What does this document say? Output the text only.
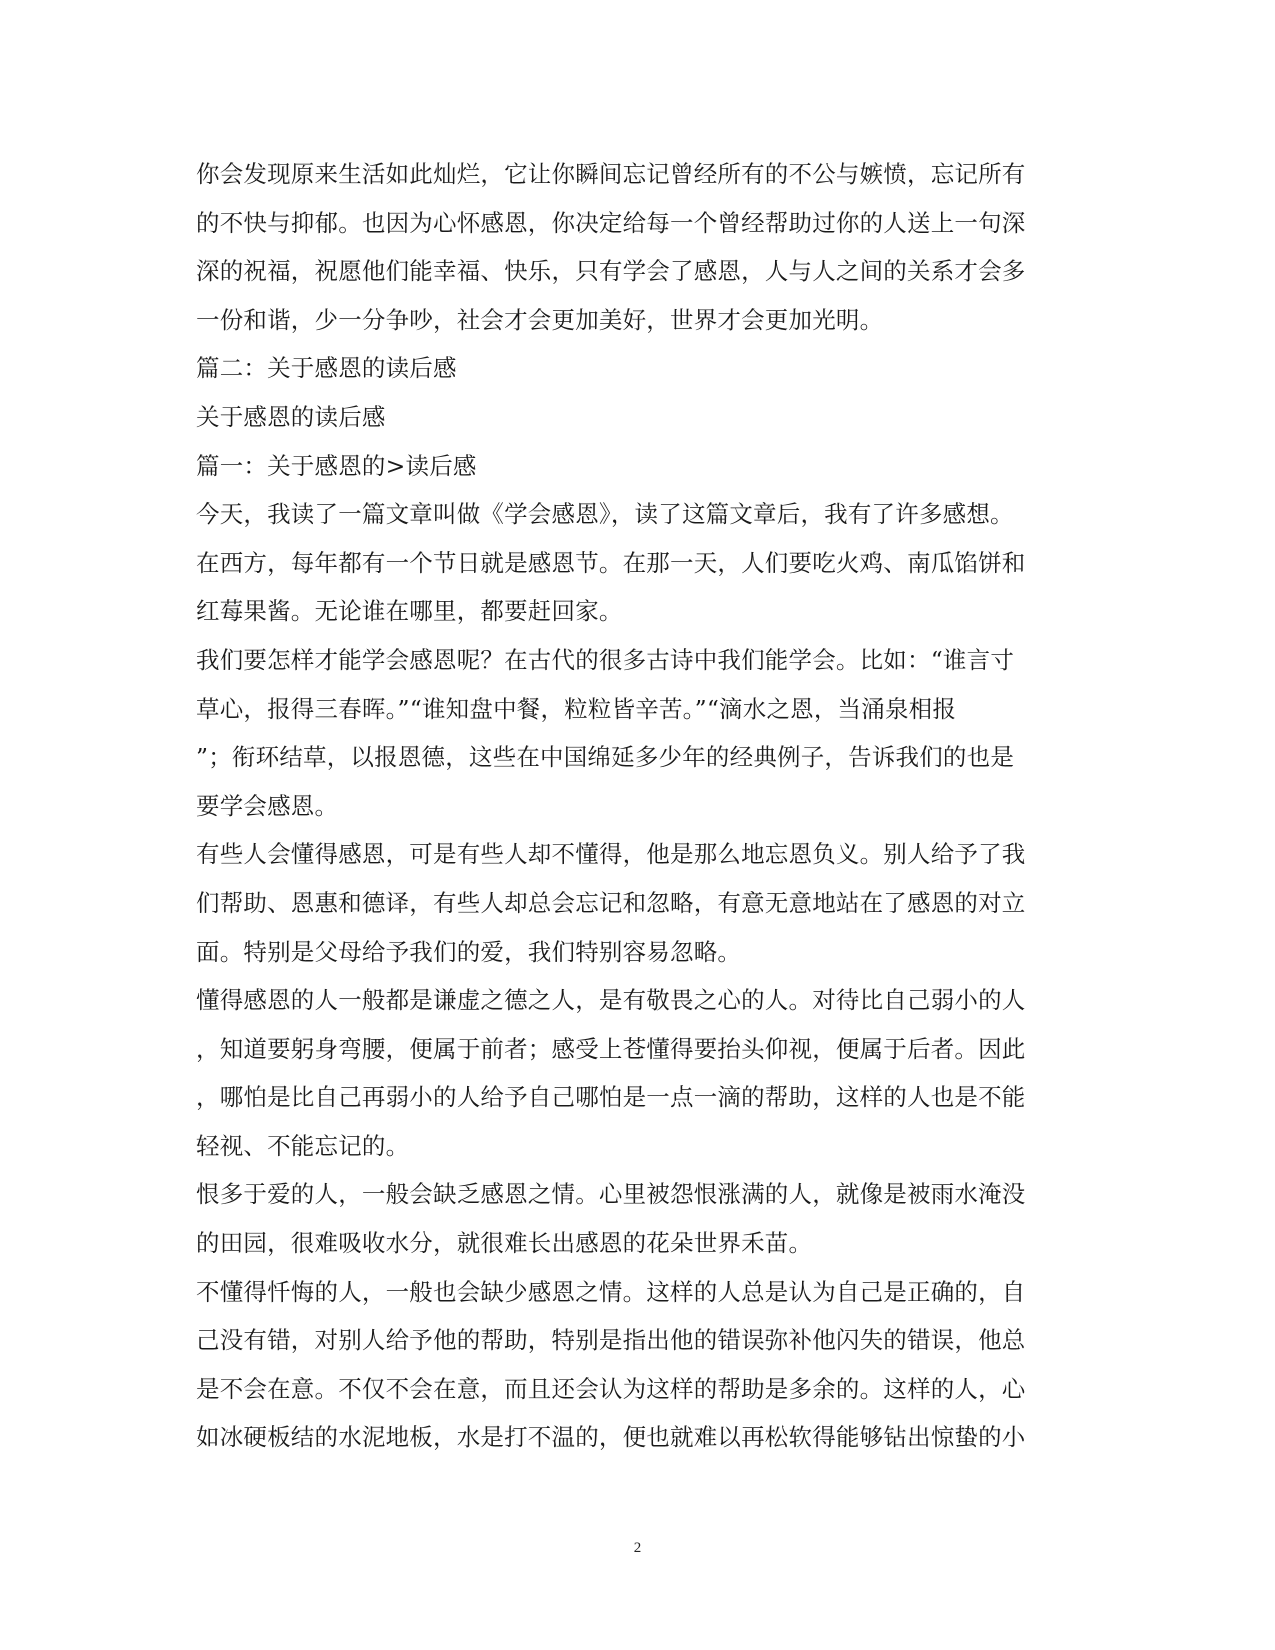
你会发现原来生活如此灿烂，它让你瞬间忘记曾经所有的不公与嫉愤，忘记所有
的不快与抑郁。也因为心怀感恩，你决定给每一个曾经帮助过你的人送上一句深
深的祝福，祝愿他们能幸福、快乐，只有学会了感恩，人与人之间的关系才会多
一份和谐，少一分争吵，社会才会更加美好，世界才会更加光明。
篇二：关于感恩的读后感
关于感恩的读后感
篇一：关于感恩的>读后感
今天，我读了一篇文章叫做《学会感恩》，读了这篇文章后，我有了许多感想。
在西方，每年都有一个节日就是感恩节。在那一天，人们要吃火鸡、南瓜馅饼和
红莓果酱。无论谁在哪里，都要赶回家。
我们要怎样才能学会感恩呢？在古代的很多古诗中我们能学会。比如：“谁言寸
草心，报得三春晖。”“谁知盘中餐，粒粒皆辛苦。”“滴水之恩，当涌泉相报
”；衔环结草，以报恩德，这些在中国绵延多少年的经典例子，告诉我们的也是
要学会感恩。
有些人会懂得感恩，可是有些人却不懂得，他是那么地忘恩负义。别人给予了我
们帮助、恩惠和德译，有些人却总会忘记和忽略，有意无意地站在了感恩的对立
面。特别是父母给予我们的爱，我们特别容易忽略。
懂得感恩的人一般都是谦虚之德之人，是有敬畏之心的人。对待比自己弱小的人
，知道要躬身弯腰，便属于前者；感受上苍懂得要抬头仰视，便属于后者。因此
，哪怕是比自己再弱小的人给予自己哪怕是一点一滴的帮助，这样的人也是不能
轻视、不能忘记的。
恨多于爱的人，一般会缺乏感恩之情。心里被怨恨涨满的人，就像是被雨水淹没
的田园，很难吸收水分，就很难长出感恩的花朵世界禾苗。
不懂得忏悔的人，一般也会缺少感恩之情。这样的人总是认为自己是正确的，自
己没有错，对别人给予他的帮助，特别是指出他的错误弥补他闪失的错误，他总
是不会在意。不仅不会在意，而且还会认为这样的帮助是多余的。这样的人，心
如冰硬板结的水泥地板，水是打不温的，便也就难以再松软得能够钻出惊蛰的小
2
